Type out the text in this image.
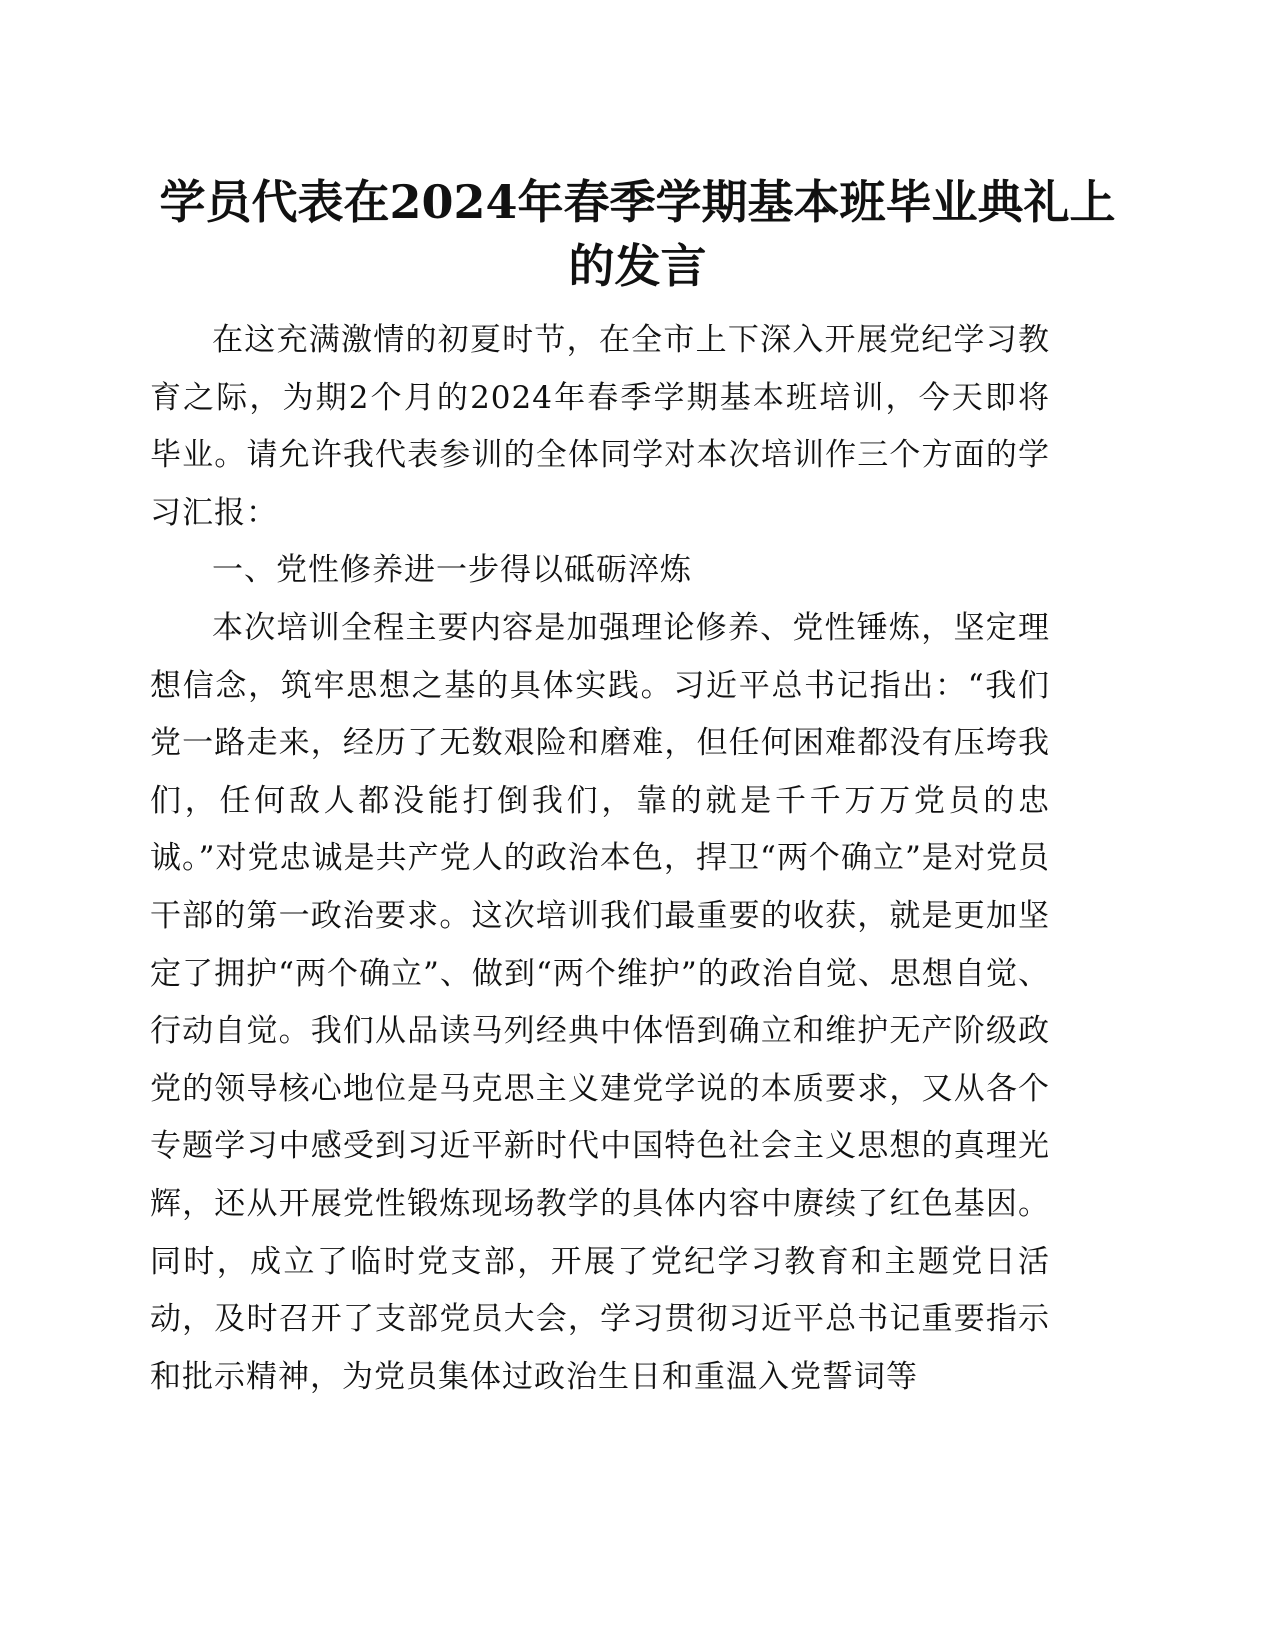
学员代表在2024年春季学期基本班毕业典礼上的发言

在这充满激情的初夏时节，在全市上下深入开展党纪学习教育之际，为期2个月的2024年春季学期基本班培训，今天即将毕业。请允许我代表参训的全体同学对本次培训作三个方面的学习汇报：

一、党性修养进一步得以砥砺淬炼

本次培训全程主要内容是加强理论修养、党性锤炼，坚定理想信念，筑牢思想之基的具体实践。习近平总书记指出：“我们党一路走来，经历了无数艰险和磨难，但任何困难都没有压垮我们，任何敌人都没能打倒我们，靠的就是千千万万党员的忠诚。”对党忠诚是共产党人的政治本色，捍卫“两个确立”是对党员干部的第一政治要求。这次培训我们最重要的收获，就是更加坚定了拥护“两个确立”、做到“两个维护”的政治自觉、思想自觉、行动自觉。我们从品读马列经典中体悟到确立和维护无产阶级政党的领导核心地位是马克思主义建党学说的本质要求，又从各个专题学习中感受到习近平新时代中国特色社会主义思想的真理光辉，还从开展党性锻炼现场教学的具体内容中赓续了红色基因。同时，成立了临时党支部，开展了党纪学习教育和主题党日活动，及时召开了支部党员大会，学习贯彻习近平总书记重要指示和批示精神，为党员集体过政治生日和重温入党誓词等
